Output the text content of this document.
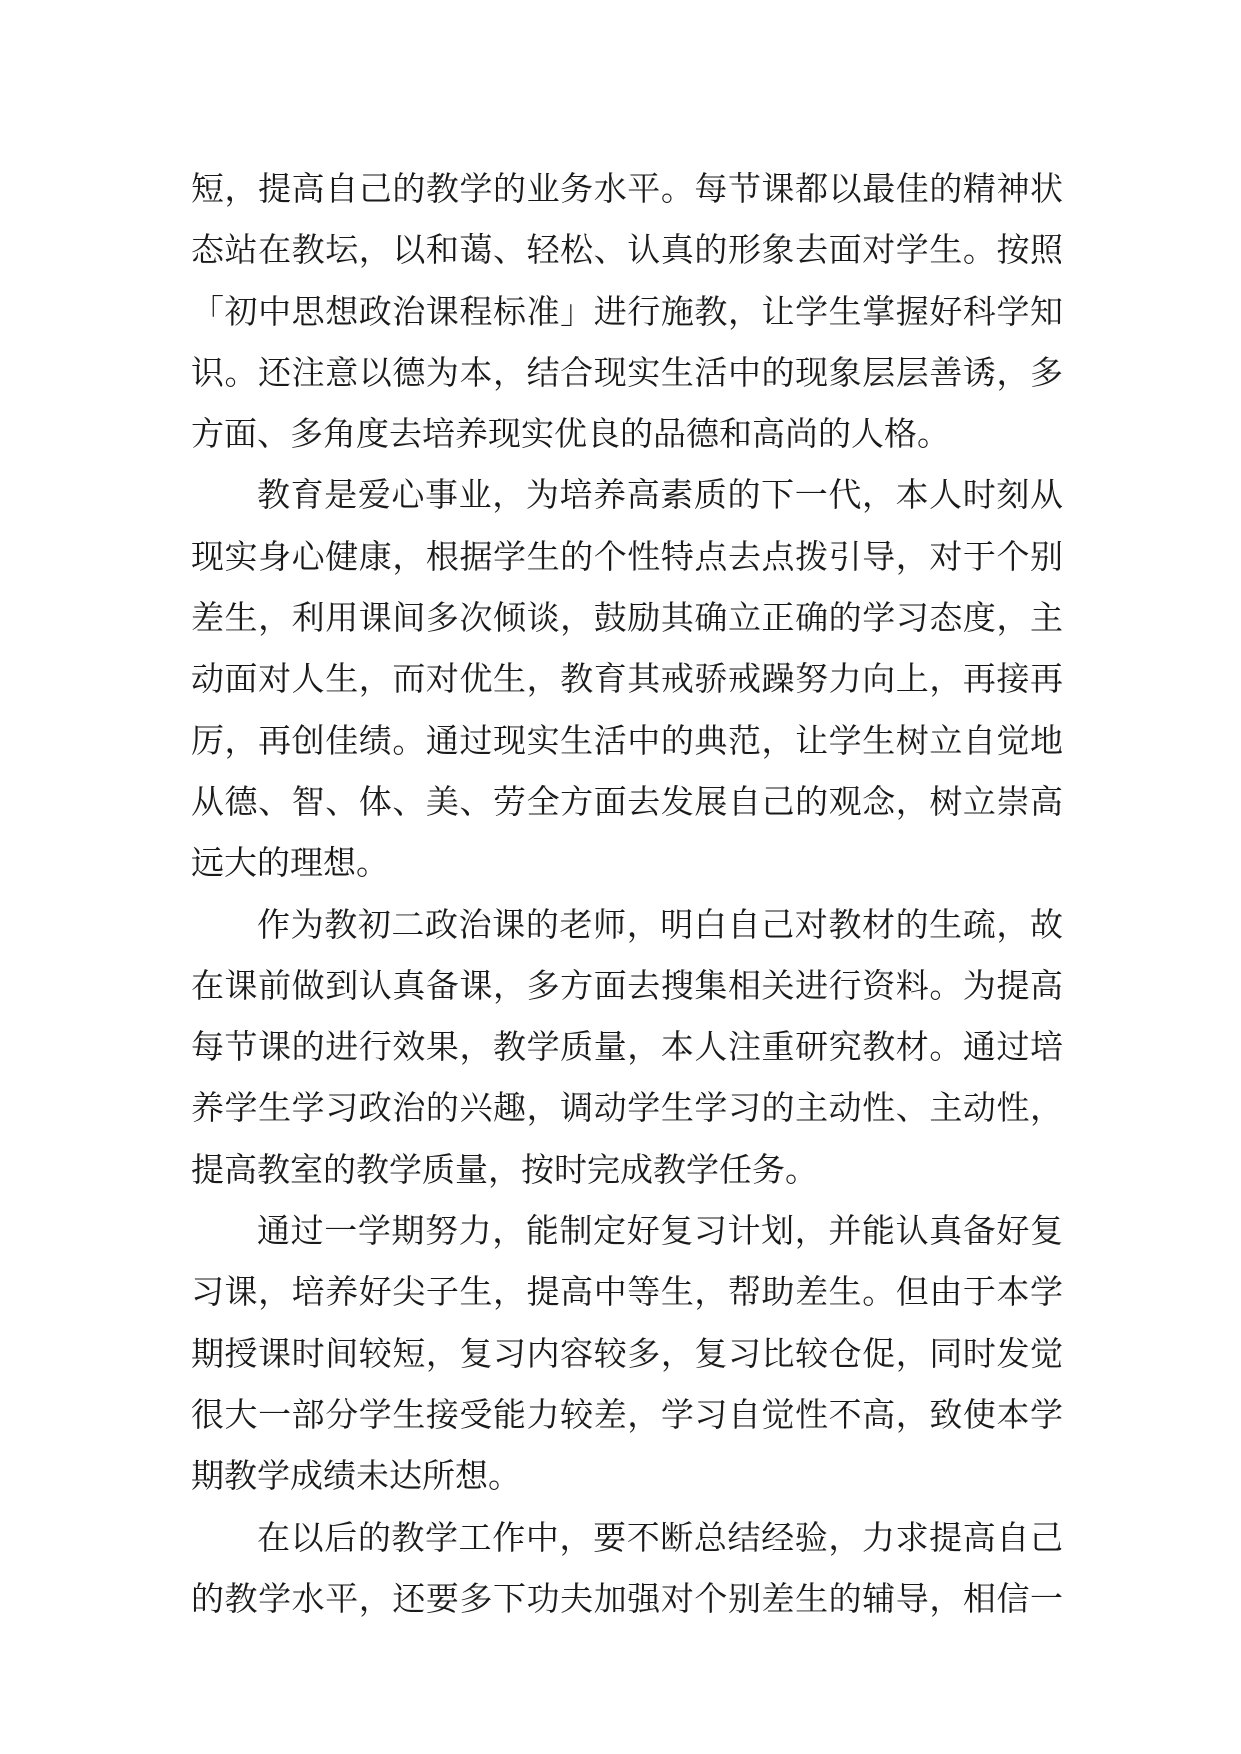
短，提高自己的教学的业务水平。每节课都以最佳的精神状
态站在教坛，以和蔼、轻松、认真的形象去面对学生。按照
「初中思想政治课程标准」进行施教，让学生掌握好科学知
识。还注意以德为本，结合现实生活中的现象层层善诱，多
方面、多角度去培养现实优良的品德和高尚的人格。
教育是爱心事业，为培养高素质的下一代，本人时刻从
现实身心健康，根据学生的个性特点去点拨引导，对于个别
差生，利用课间多次倾谈，鼓励其确立正确的学习态度，主
动面对人生，而对优生，教育其戒骄戒躁努力向上，再接再
厉，再创佳绩。通过现实生活中的典范，让学生树立自觉地
从德、智、体、美、劳全方面去发展自己的观念，树立崇高
远大的理想。
作为教初二政治课的老师，明白自己对教材的生疏，故
在课前做到认真备课，多方面去搜集相关进行资料。为提高
每节课的进行效果，教学质量，本人注重研究教材。通过培
养学生学习政治的兴趣，调动学生学习的主动性、主动性，
提高教室的教学质量，按时完成教学任务。
通过一学期努力，能制定好复习计划，并能认真备好复
习课，培养好尖子生，提高中等生，帮助差生。但由于本学
期授课时间较短，复习内容较多，复习比较仓促，同时发觉
很大一部分学生接受能力较差，学习自觉性不高，致使本学
期教学成绩未达所想。
在以后的教学工作中，要不断总结经验，力求提高自己
的教学水平，还要多下功夫加强对个别差生的辅导，相信一
